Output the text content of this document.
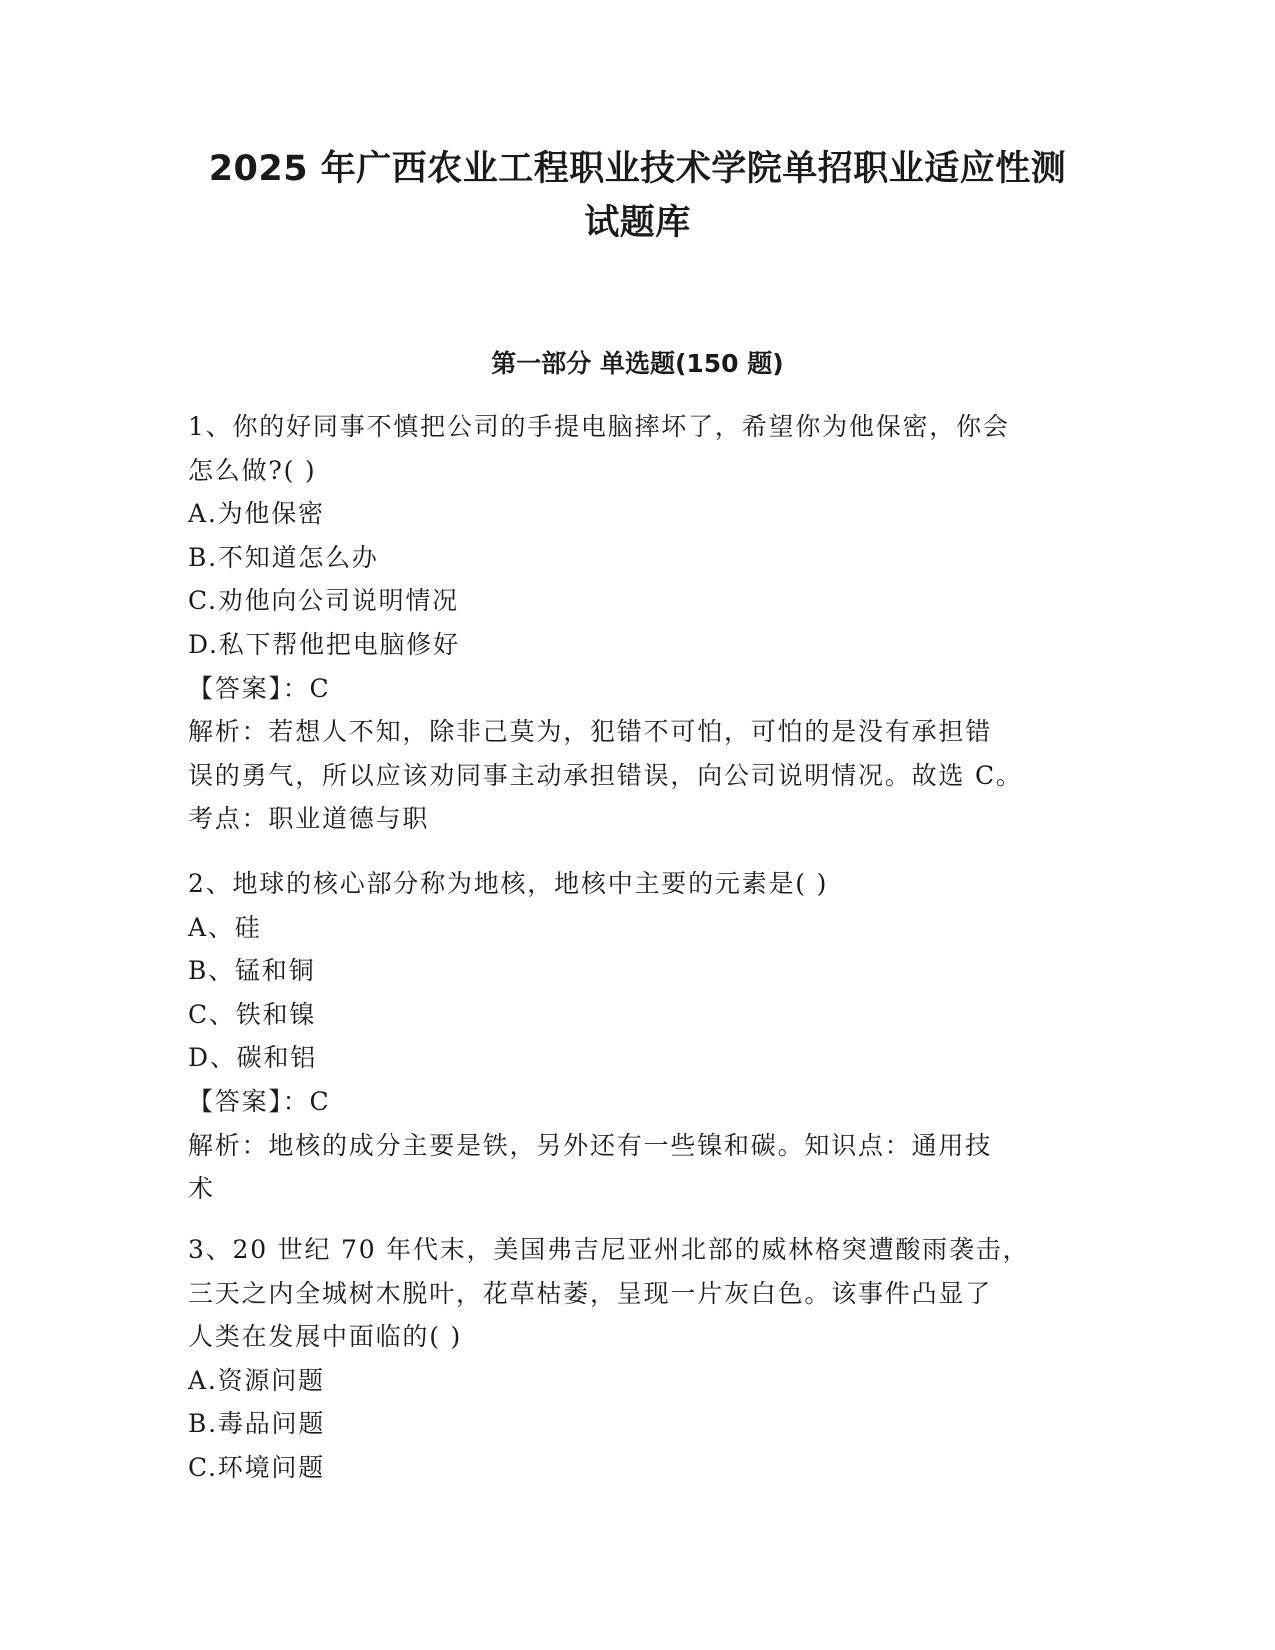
2025 年广西农业工程职业技术学院单招职业适应性测
试题库
第一部分 单选题(150 题)

1、你的好同事不慎把公司的手提电脑摔坏了，希望你为他保密，你会

怎么做?( )

A.为他保密

B.不知道怎么办

C.劝他向公司说明情况

D.私下帮他把电脑修好

【答案】：C

解析：若想人不知，除非己莫为，犯错不可怕，可怕的是没有承担错

误的勇气，所以应该劝同事主动承担错误，向公司说明情况。故选 C。

考点：职业道德与职

2、地球的核心部分称为地核，地核中主要的元素是( )

A、硅

B、锰和铜

C、铁和镍

D、碳和铝

【答案】：C

解析：地核的成分主要是铁，另外还有一些镍和碳。知识点：通用技

术

3、20 世纪 70 年代末，美国弗吉尼亚州北部的威林格突遭酸雨袭击，

三天之内全城树木脱叶，花草枯萎，呈现一片灰白色。该事件凸显了

人类在发展中面临的( )

A.资源问题

B.毒品问题

C.环境问题
